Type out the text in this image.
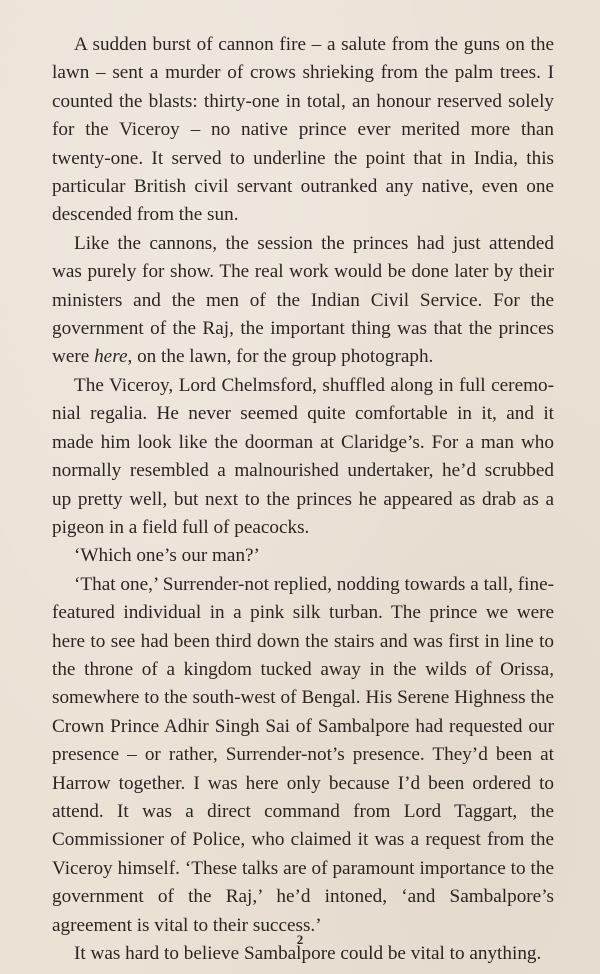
A sudden burst of cannon fire – a salute from the guns on the lawn – sent a murder of crows shrieking from the palm trees. I counted the blasts: thirty-one in total, an honour reserved solely for the Viceroy – no native prince ever merited more than twenty-one. It served to underline the point that in India, this particular British civil servant outranked any native, even one descended from the sun.

Like the cannons, the session the princes had just attended was purely for show. The real work would be done later by their ministers and the men of the Indian Civil Service. For the government of the Raj, the important thing was that the princes were here, on the lawn, for the group photograph.

The Viceroy, Lord Chelmsford, shuffled along in full ceremonial regalia. He never seemed quite comfortable in it, and it made him look like the doorman at Claridge’s. For a man who normally resembled a malnourished undertaker, he’d scrubbed up pretty well, but next to the princes he appeared as drab as a pigeon in a field full of peacocks.

‘Which one’s our man?’

‘That one,’ Surrender-not replied, nodding towards a tall, fine-featured individual in a pink silk turban. The prince we were here to see had been third down the stairs and was first in line to the throne of a kingdom tucked away in the wilds of Orissa, somewhere to the south-west of Bengal. His Serene Highness the Crown Prince Adhir Singh Sai of Sambalpore had requested our presence – or rather, Surrender-not’s presence. They’d been at Harrow together. I was here only because I’d been ordered to attend. It was a direct command from Lord Taggart, the Commissioner of Police, who claimed it was a request from the Viceroy himself. ‘These talks are of paramount importance to the government of the Raj,’ he’d intoned, ‘and Sambalpore’s agreement is vital to their success.’

It was hard to believe Sambalpore could be vital to anything.

2
